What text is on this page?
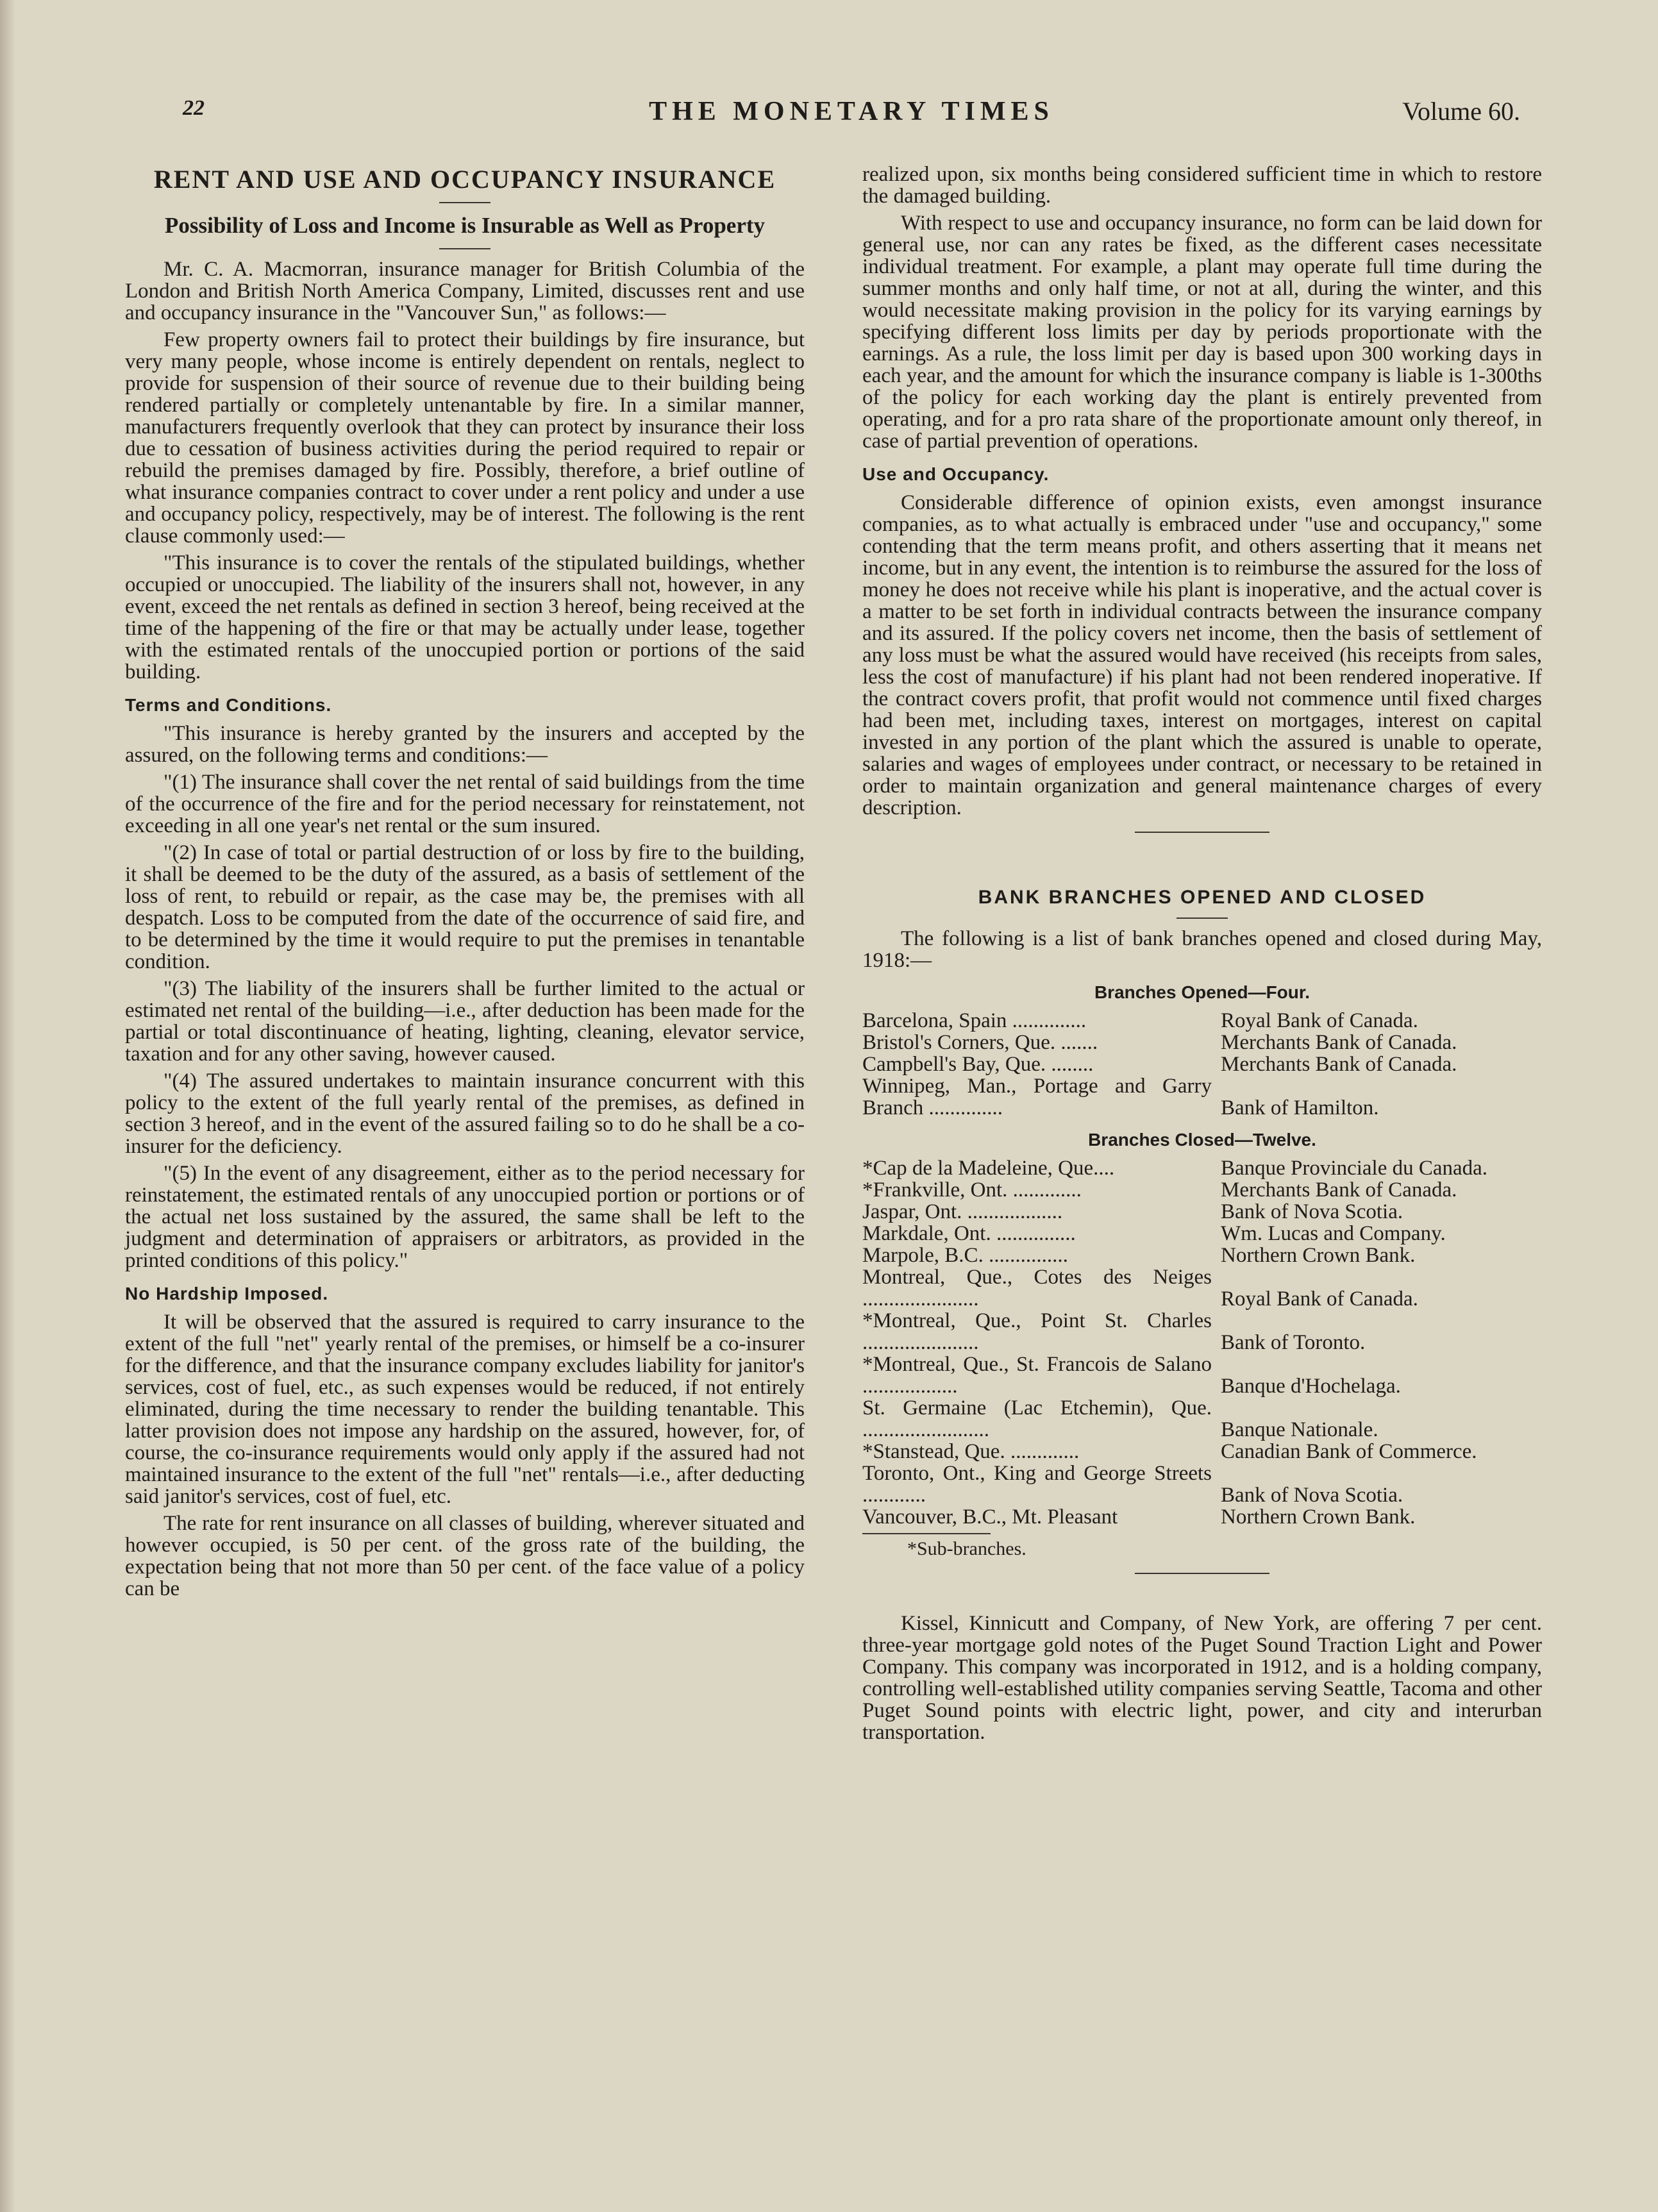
22	THE MONETARY TIMES	Volume 60.
RENT AND USE AND OCCUPANCY INSURANCE
Possibility of Loss and Income is Insurable as Well as Property

Mr. C. A. Macmorran, insurance manager for British Columbia of the London and British North America Company, Limited, discusses rent and use and occupancy insurance in the "Vancouver Sun," as follows:—

Few property owners fail to protect their buildings by fire insurance, but very many people, whose income is entirely dependent on rentals, neglect to provide for suspension of their source of revenue due to their building being rendered partially or completely untenantable by fire. In a similar manner, manufacturers frequently overlook that they can protect by insurance their loss due to cessation of business activities during the period required to repair or rebuild the premises damaged by fire. Possibly, therefore, a brief outline of what insurance companies contract to cover under a rent policy and under a use and occupancy policy, respectively, may be of interest. The following is the rent clause commonly used:—

"This insurance is to cover the rentals of the stipulated buildings, whether occupied or unoccupied. The liability of the insurers shall not, however, in any event, exceed the net rentals as defined in section 3 hereof, being received at the time of the happening of the fire or that may be actually under lease, together with the estimated rentals of the unoccupied portion or portions of the said building.

Terms and Conditions.

"This insurance is hereby granted by the insurers and accepted by the assured, on the following terms and conditions:—

"(1) The insurance shall cover the net rental of said buildings from the time of the occurrence of the fire and for the period necessary for reinstatement, not exceeding in all one year's net rental or the sum insured.

"(2) In case of total or partial destruction of or loss by fire to the building, it shall be deemed to be the duty of the assured, as a basis of settlement of the loss of rent, to rebuild or repair, as the case may be, the premises with all despatch. Loss to be computed from the date of the occurrence of said fire, and to be determined by the time it would require to put the premises in tenantable condition.

"(3) The liability of the insurers shall be further limited to the actual or estimated net rental of the building—i.e., after deduction has been made for the partial or total discontinuance of heating, lighting, cleaning, elevator service, taxation and for any other saving, however caused.

"(4) The assured undertakes to maintain insurance concurrent with this policy to the extent of the full yearly rental of the premises, as defined in section 3 hereof, and in the event of the assured failing so to do he shall be a co-insurer for the deficiency.

"(5) In the event of any disagreement, either as to the period necessary for reinstatement, the estimated rentals of any unoccupied portion or portions or of the actual net loss sustained by the assured, the same shall be left to the judgment and determination of appraisers or arbitrators, as provided in the printed conditions of this policy."

No Hardship Imposed.

It will be observed that the assured is required to carry insurance to the extent of the full "net" yearly rental of the premises, or himself be a co-insurer for the difference, and that the insurance company excludes liability for janitor's services, cost of fuel, etc., as such expenses would be reduced, if not entirely eliminated, during the time necessary to render the building tenantable. This latter provision does not impose any hardship on the assured, however, for, of course, the co-insurance requirements would only apply if the assured had not maintained insurance to the extent of the full "net" rentals—i.e., after deducting said janitor's services, cost of fuel, etc.

The rate for rent insurance on all classes of building, wherever situated and however occupied, is 50 per cent. of the gross rate of the building, the expectation being that not more than 50 per cent. of the face value of a policy can be

realized upon, six months being considered sufficient time in which to restore the damaged building.

With respect to use and occupancy insurance, no form can be laid down for general use, nor can any rates be fixed, as the different cases necessitate individual treatment. For example, a plant may operate full time during the summer months and only half time, or not at all, during the winter, and this would necessitate making provision in the policy for its varying earnings by specifying different loss limits per day by periods proportionate with the earnings. As a rule, the loss limit per day is based upon 300 working days in each year, and the amount for which the insurance company is liable is 1-300ths of the policy for each working day the plant is entirely prevented from operating, and for a pro rata share of the proportionate amount only thereof, in case of partial prevention of operations.

Use and Occupancy.

Considerable difference of opinion exists, even amongst insurance companies, as to what actually is embraced under "use and occupancy," some contending that the term means profit, and others asserting that it means net income, but in any event, the intention is to reimburse the assured for the loss of money he does not receive while his plant is inoperative, and the actual cover is a matter to be set forth in individual contracts between the insurance company and its assured. If the policy covers net income, then the basis of settlement of any loss must be what the assured would have received (his receipts from sales, less the cost of manufacture) if his plant had not been rendered inoperative. If the contract covers profit, that profit would not commence until fixed charges had been met, including taxes, interest on mortgages, interest on capital invested in any portion of the plant which the assured is unable to operate, salaries and wages of employees under contract, or necessary to be retained in order to maintain organization and general maintenance charges of every description.

BANK BRANCHES OPENED AND CLOSED

The following is a list of bank branches opened and closed during May, 1918:—

Branches Opened—Four.
Barcelona, Spain ..............	Royal Bank of Canada.
Bristol's Corners, Que. .......	Merchants Bank of Canada.
Campbell's Bay, Que. ........	Merchants Bank of Canada.
Winnipeg, Man., Portage and Garry Branch ..............	Bank of Hamilton.
Branches Closed—Twelve.
*Cap de la Madeleine, Que....	Banque Provinciale du Canada.
*Frankville, Ont. .............	Merchants Bank of Canada.
Jaspar, Ont. ..................	Bank of Nova Scotia.
Markdale, Ont. ...............	Wm. Lucas and Company.
Marpole, B.C. ...............	Northern Crown Bank.
Montreal, Que., Cotes des Neiges ......................	Royal Bank of Canada.
*Montreal, Que., Point St. Charles ......................	Bank of Toronto.
*Montreal, Que., St. Francois de Salano ..................	Banque d'Hochelaga.
St. Germaine (Lac Etchemin), Que. ........................	Banque Nationale.
*Stanstead, Que. .............	Canadian Bank of Commerce.
Toronto, Ont., King and George Streets ............	Bank of Nova Scotia.
Vancouver, B.C., Mt. Pleasant	Northern Crown Bank.
*Sub-branches.

Kissel, Kinnicutt and Company, of New York, are offering 7 per cent. three-year mortgage gold notes of the Puget Sound Traction Light and Power Company. This company was incorporated in 1912, and is a holding company, controlling well-established utility companies serving Seattle, Tacoma and other Puget Sound points with electric light, power, and city and interurban transportation.
